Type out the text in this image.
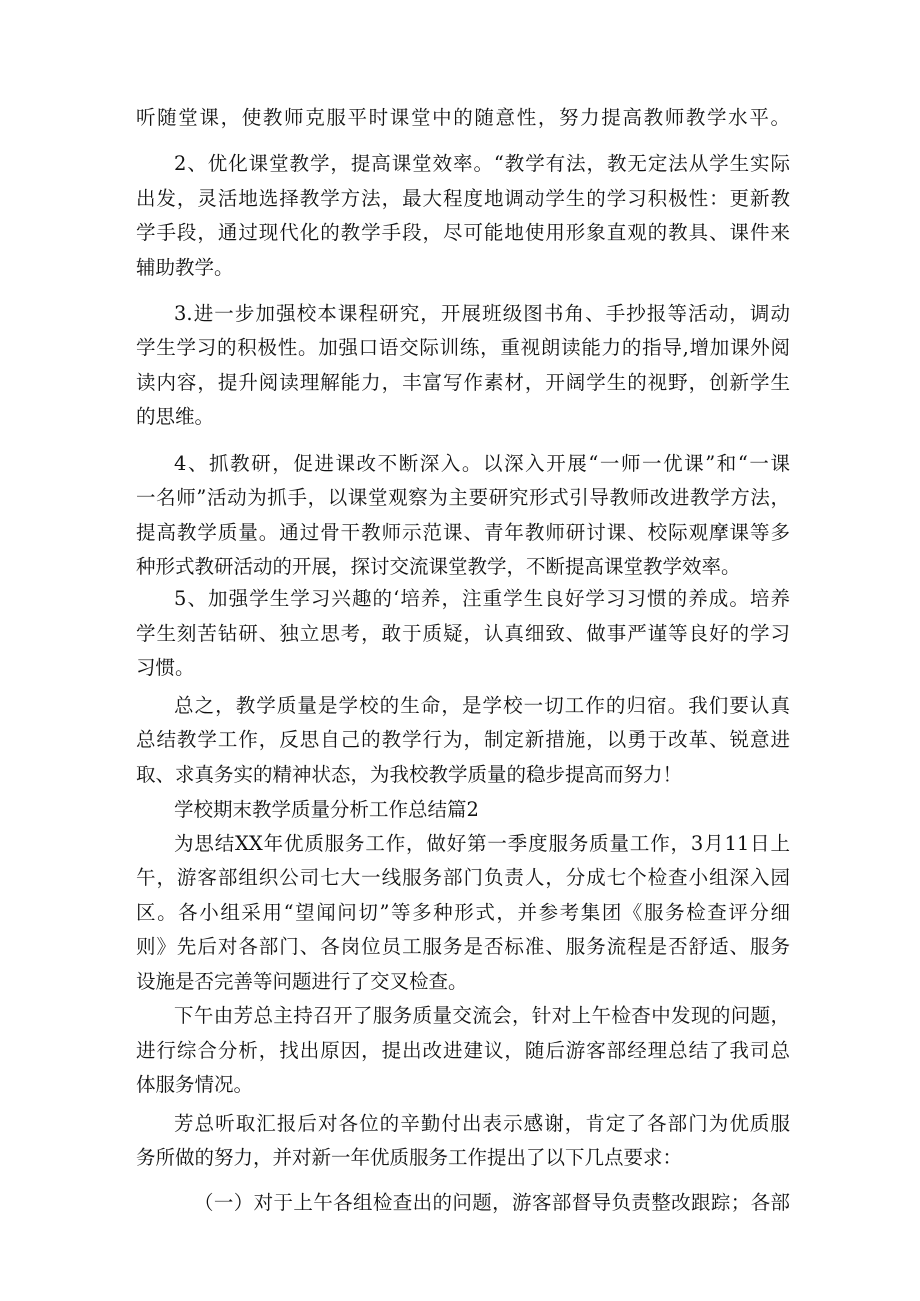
听随堂课，使教师克服平时课堂中的随意性，努力提高教师教学水平。
2、优化课堂教学，提高课堂效率。“教学有法，教无定法从学生实际
出发，灵活地选择教学方法，最大程度地调动学生的学习积极性：更新教
学手段，通过现代化的教学手段，尽可能地使用形象直观的教具、课件来
辅助教学。
3.进一步加强校本课程研究，开展班级图书角、手抄报等活动，调动
学生学习的积极性。加强口语交际训练，重视朗读能力的指导,增加课外阅
读内容，提升阅读理解能力，丰富写作素材，开阔学生的视野，创新学生
的思维。
4、抓教研，促进课改不断深入。以深入开展“一师一优课”和“一课
一名师”活动为抓手，以课堂观察为主要研究形式引导教师改进教学方法，
提高教学质量。通过骨干教师示范课、青年教师研讨课、校际观摩课等多
种形式教研活动的开展，探讨交流课堂教学，不断提高课堂教学效率。
5、加强学生学习兴趣的‘培养，注重学生良好学习习惯的养成。培养
学生刻苦钻研、独立思考，敢于质疑，认真细致、做事严谨等良好的学习
习惯。
总之，教学质量是学校的生命，是学校一切工作的归宿。我们要认真
总结教学工作，反思自己的教学行为，制定新措施，以勇于改革、锐意进
取、求真务实的精神状态，为我校教学质量的稳步提高而努力！
学校期末教学质量分析工作总结篇2
为思结XX年优质服务工作，做好第一季度服务质量工作，3月11日上
午，游客部组织公司七大一线服务部门负责人，分成七个检查小组深入园
区。各小组采用“望闻问切”等多种形式，并参考集团《服务检查评分细
则》先后对各部门、各岗位员工服务是否标准、服务流程是否舒适、服务
设施是否完善等问题进行了交叉检查。
下午由芳总主持召开了服务质量交流会，针对上午检杳中发现的问题，
进行综合分析，找出原因，提出改进建议，随后游客部经理总结了我司总
体服务情况。
芳总听取汇报后对各位的辛勤付出表示感谢，肯定了各部门为优质服
务所做的努力，并对新一年优质服务工作提出了以下几点要求：
（一）对于上午各组检查出的问题，游客部督导负责整改跟踪；各部
